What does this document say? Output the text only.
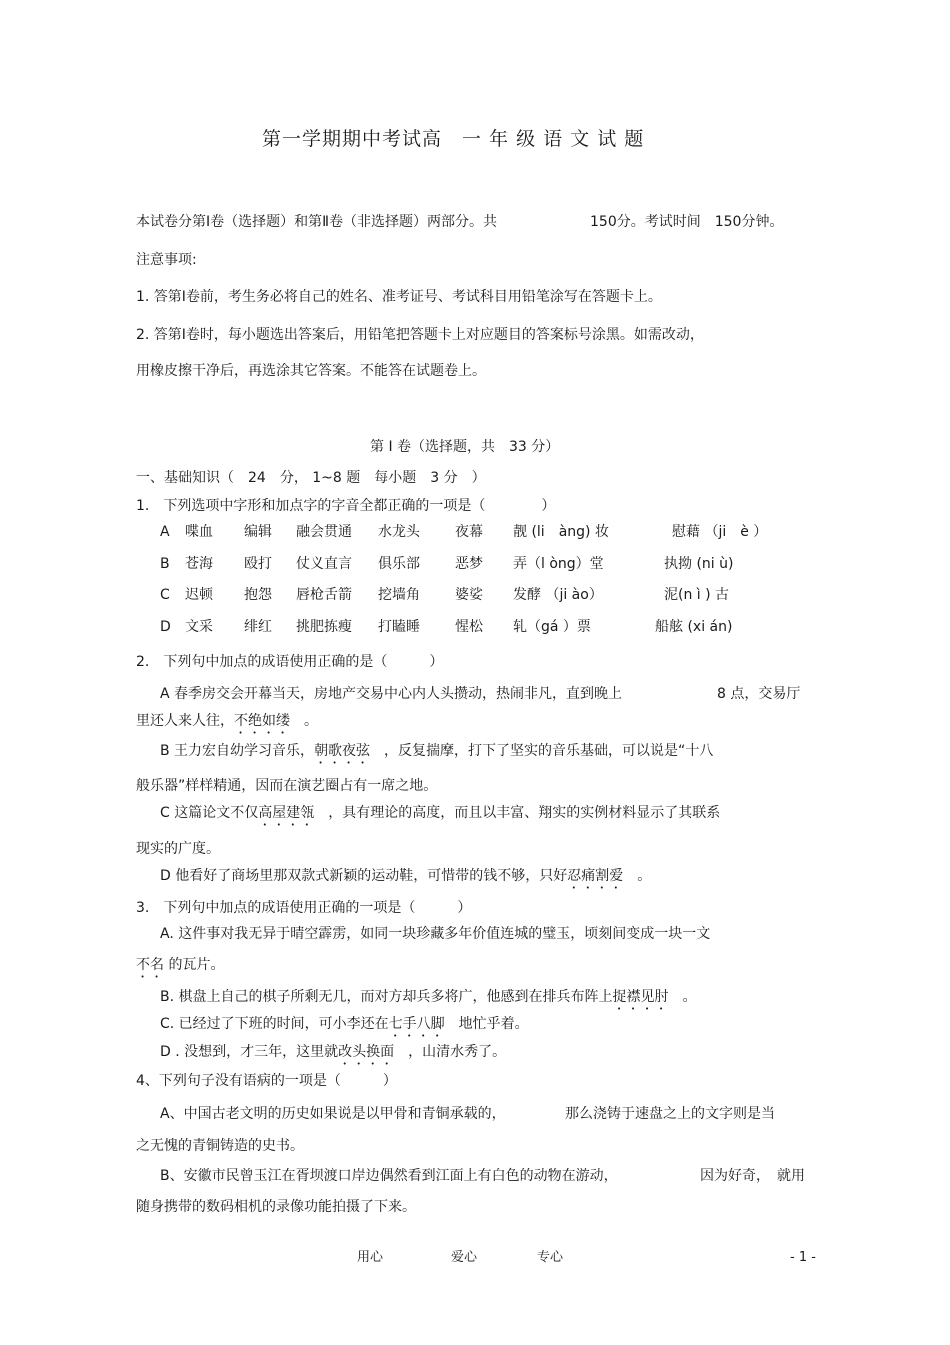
第一学期期中考试高　一 年 级 语 文 试 题
本试卷分第Ⅰ卷（选择题）和第Ⅱ卷（非选择题）两部分。共	150分。考试时间　150分钟。
注意事项:
1. 答第Ⅰ卷前，考生务必将自己的姓名、准考证号、考试科目用铅笔涂写在答题卡上。
2. 答第Ⅰ卷时，每小题选出答案后，用铅笔把答题卡上对应题目的答案标号涂黑。如需改动，
用橡皮擦干净后，再选涂其它答案。不能答在试题卷上。
第 I 卷（选择题，共　33 分）
一、基础知识（　24　分， 1~8 题　每小题　3 分　）
1.　下列选项中字形和加点字的字音全都正确的一项是（　　　　）
A 喋血 编辑 融会贯通 水龙头	夜幕 靓 (li　àng) 妆	慰藉 （ji　è ）
B 苍海 殴打 仗义直言 俱乐部	恶梦 弄（l òng）堂	执拗 (ni ù)
C 迟顿 抱怨 唇枪舌箭 挖墙角	婆娑 发酵 （ji ào）	泥(n ì ) 古
D 文采 绯红 挑肥拣瘦 打瞌睡	惺松 轧（gá ）票	船舷 (xi án)
2.　下列句中加点的成语使用正确的是（　　　）
A 春季房交会开幕当天，房地产交易中心内人头攒动，热闹非凡，直到晚上	8 点，交易厅
里还人来人往，不绝如缕　。
B 王力宏自幼学习音乐，朝歌夜弦　，反复揣摩，打下了坚实的音乐基础，可以说是“十八
般乐器”样样精通，因而在演艺圈占有一席之地。
C 这篇论文不仅高屋建瓴　，具有理论的高度，而且以丰富、翔实的实例材料显示了其联系
现实的广度。
D 他看好了商场里那双款式新颖的运动鞋，可惜带的钱不够，只好忍痛割爱　。
3.　下列句中加点的成语使用正确的一项是（　　　）
A. 这件事对我无异于晴空霹雳，如同一块珍藏多年价值连城的璧玉，顷刻间变成一块一文
不名 的瓦片。
B. 棋盘上自己的棋子所剩无几，而对方却兵多将广，他感到在排兵布阵上捉襟见肘　。
C. 已经过了下班的时间，可小李还在七手八脚　地忙乎着。
D . 没想到，才三年，这里就改头换面　，山清水秀了。
4、下列句子没有语病的一项是（　　　）
A、中国古老文明的历史如果说是以甲骨和青铜承载的，	那么浇铸于速盘之上的文字则是当
之无愧的青铜铸造的史书。
B、安徽市民曾玉江在胥坝渡口岸边偶然看到江面上有白色的动物在游动，	因为好奇，　就用
随身携带的数码相机的录像功能拍摄了下来。
用心	爱心	专心	- 1 -
